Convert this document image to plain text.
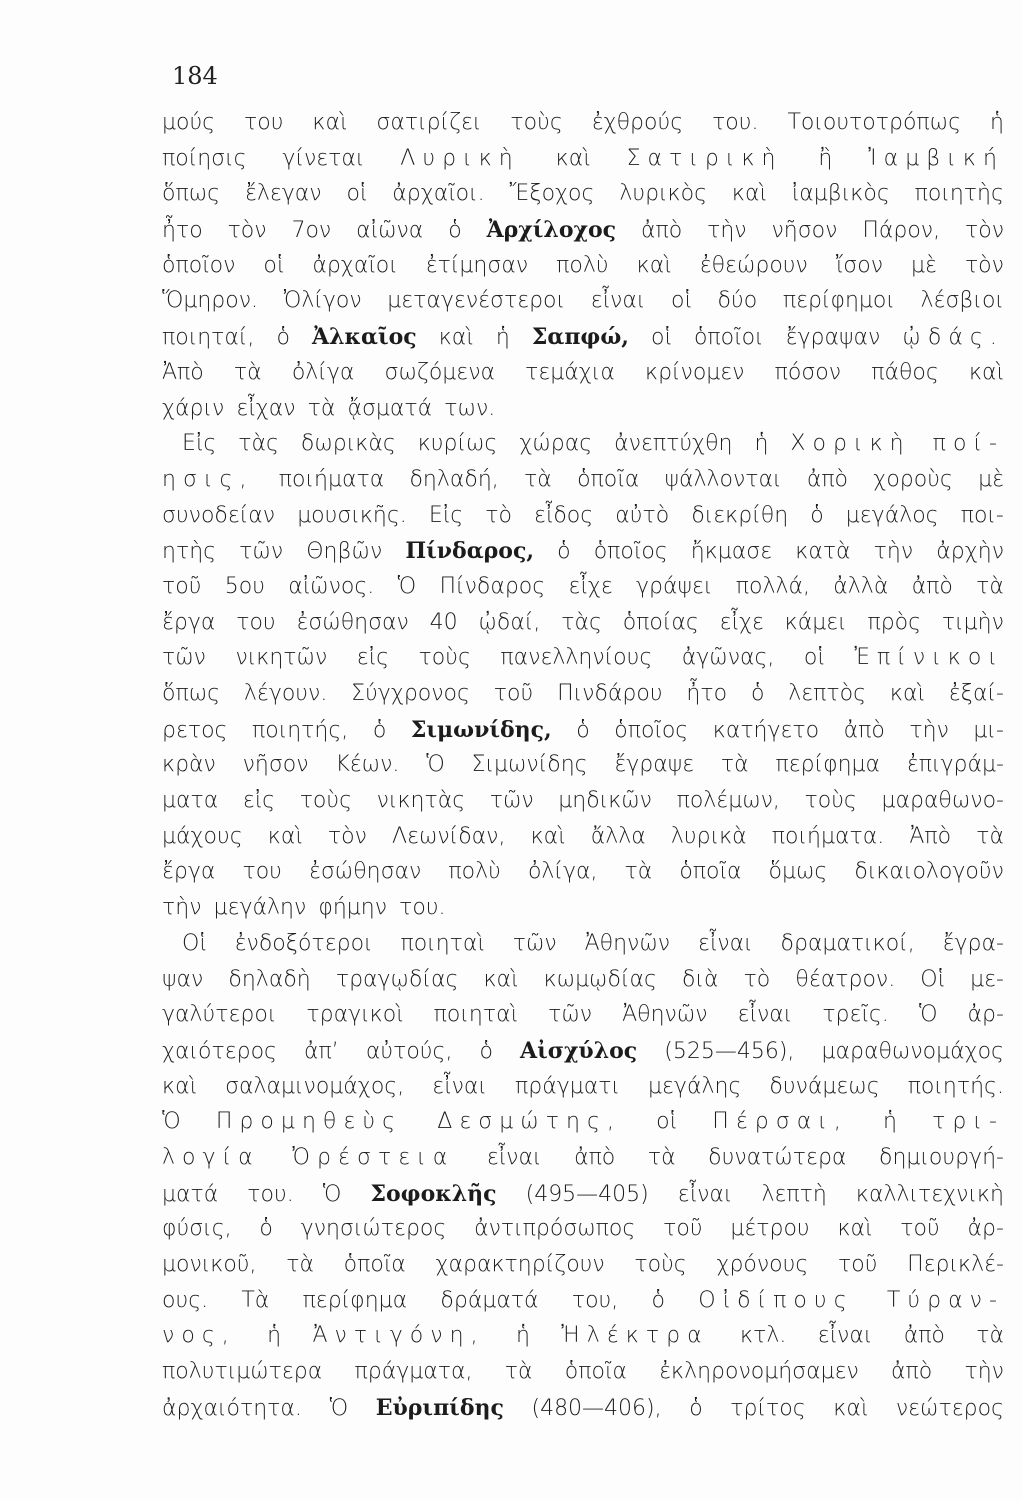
184
μούς του καὶ σατιρίζει τοὺς ἐχθρούς του. Τοιουτοτρόπως ἡ
ποίησις γίνεται Λυρικὴ καὶ Σατιρικὴ ἢ Ἰαμβική
ὅπως ἔλεγαν οἱ ἀρχαῖοι. Ἔξοχος λυρικὸς καὶ ἰαμβικὸς ποιητὴς
ἦτο τὸν 7ον αἰῶνα ὁ Ἀρχίλοχος ἀπὸ τὴν νῆσον Πάρον, τὸν
ὁποῖον οἱ ἀρχαῖοι ἐτίμησαν πολὺ καὶ ἐθεώρουν ἴσον μὲ τὸν
Ὅμηρον. Ὀλίγον μεταγενέστεροι εἶναι οἱ δύο περίφημοι λέσβιοι
ποιηταί, ὁ Ἀλκαῖος καὶ ἡ Σαπφώ, οἱ ὁποῖοι ἔγραψαν ᾠδάς.
Ἀπὸ τὰ ὀλίγα σωζόμενα τεμάχια κρίνομεν πόσον πάθος καὶ
χάριν εἶχαν τὰ ᾄσματά των.
Εἰς τὰς δωρικὰς κυρίως χώρας ἀνεπτύχθη ἡ Χορικὴ ποί-
ησις, ποιήματα δηλαδή, τὰ ὁποῖα ψάλλονται ἀπὸ χοροὺς μὲ
συνοδείαν μουσικῆς. Εἰς τὸ εἶδος αὐτὸ διεκρίθη ὁ μεγάλος ποι-
ητὴς τῶν Θηβῶν Πίνδαρος, ὁ ὁποῖος ἤκμασε κατὰ τὴν ἀρχὴν
τοῦ 5ου αἰῶνος. Ὁ Πίνδαρος εἶχε γράψει πολλά, ἀλλὰ ἀπὸ τὰ
ἔργα του ἐσώθησαν 40 ᾠδαί, τὰς ὁποίας εἶχε κάμει πρὸς τιμὴν
τῶν νικητῶν εἰς τοὺς πανελληνίους ἀγῶνας, οἱ Ἐπίνικοι
ὅπως λέγουν. Σύγχρονος τοῦ Πινδάρου ἦτο ὁ λεπτὸς καὶ ἐξαί-
ρετος ποιητής, ὁ Σιμωνίδης, ὁ ὁποῖος κατήγετο ἀπὸ τὴν μι-
κρὰν νῆσον Κέων. Ὁ Σιμωνίδης ἔγραψε τὰ περίφημα ἐπιγράμ-
ματα εἰς τοὺς νικητὰς τῶν μηδικῶν πολέμων, τοὺς μαραθωνο-
μάχους καὶ τὸν Λεωνίδαν, καὶ ἄλλα λυρικὰ ποιήματα. Ἀπὸ τὰ
ἔργα του ἐσώθησαν πολὺ ὀλίγα, τὰ ὁποῖα ὅμως δικαιολογοῦν
τὴν μεγάλην φήμην του.
Οἱ ἐνδοξότεροι ποιηταὶ τῶν Ἀθηνῶν εἶναι δραματικοί, ἔγρα-
ψαν δηλαδὴ τραγῳδίας καὶ κωμῳδίας διὰ τὸ θέατρον. Οἱ με-
γαλύτεροι τραγικοὶ ποιηταὶ τῶν Ἀθηνῶν εἶναι τρεῖς. Ὁ ἀρ-
χαιότερος ἀπ’ αὐτούς, ὁ Αἰσχύλος (525—456), μαραθωνομάχος
καὶ σαλαμινομάχος, εἶναι πράγματι μεγάλης δυνάμεως ποιητής.
Ὁ Προμηθεὺς Δεσμώτης, οἱ Πέρσαι, ἡ τρι-
λογία Ὀρέστεια εἶναι ἀπὸ τὰ δυνατώτερα δημιουργή-
ματά του. Ὁ Σοφοκλῆς (495—405) εἶναι λεπτὴ καλλιτεχνικὴ
φύσις, ὁ γνησιώτερος ἀντιπρόσωπος τοῦ μέτρου καὶ τοῦ ἀρ-
μονικοῦ, τὰ ὁποῖα χαρακτηρίζουν τοὺς χρόνους τοῦ Περικλέ-
ους. Τὰ περίφημα δράματά του, ὁ Οἰδίπους Τύραν-
νος, ἡ Ἀντιγόνη, ἡ Ἠλέκτρα κτλ. εἶναι ἀπὸ τὰ
πολυτιμώτερα πράγματα, τὰ ὁποῖα ἐκληρονομήσαμεν ἀπὸ τὴν
ἀρχαιότητα. Ὁ Εὐριπίδης (480—406), ὁ τρίτος καὶ νεώτερος
